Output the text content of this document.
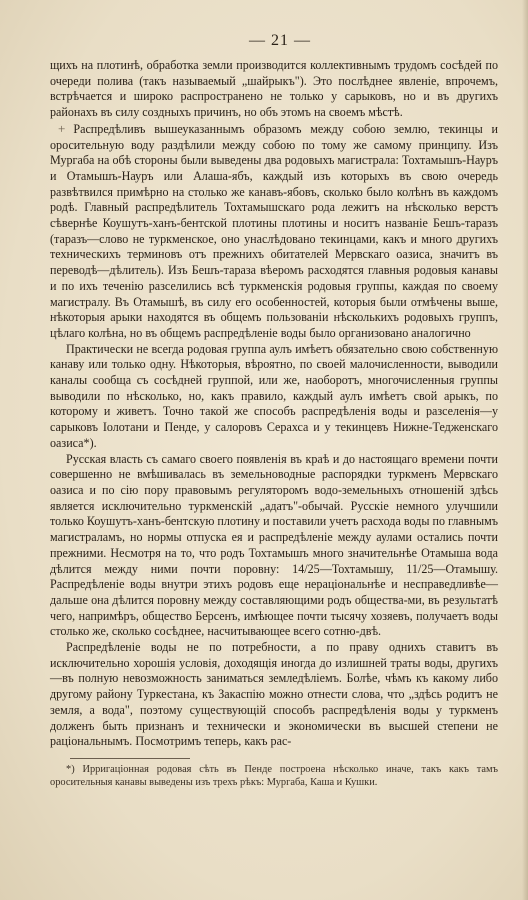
— 21 —

щихъ на плотинѣ, обработка земли производится коллективнымъ трудомъ сосѣдей по очереди полива (такъ называемый „шайрыкъ"). Это послѣднее явленіе, впрочемъ, встрѣчается и широко распространено не только у сарыковъ, но и въ другихъ районахъ въ силу создныхъ причинъ, но объ этомъ на своемъ мѣстѣ.

+ Распредѣливъ вышеуказаннымъ образомъ между собою землю, текинцы и оросительную воду раздѣлили между собою по тому же самому принципу. Изъ Мургаба на обѣ стороны были выведены два родовыхъ магистрала: Тохтамышъ-Науръ и Отамышъ-Науръ или Алаша-ябъ, каждый изъ которыхъ въ свою очередь развѣтвился примѣрно на столько же канавъ-ябовъ, сколько было колѣнъ въ каждомъ родѣ. Главный распредѣлитель Тохтамышскаго рода лежитъ на нѣсколько верстъ сѣвернѣе Коушутъ-ханъ-бентской плотины плотины и носитъ названіе Бешъ-таразъ (таразъ—слово не туркменское, оно унаслѣдовано текинцами, какъ и много другихъ техническихъ терминовъ отъ прежнихъ обитателей Мервскаго оазиса, значитъ въ переводѣ—дѣлитель). Изъ Бешъ-тараза вѣеромъ расходятся главныя родовыя канавы и по ихъ теченію разселились всѣ туркменскія родовыя группы, каждая по своему магистралу. Въ Отамышѣ, въ силу его особенностей, которыя были отмѣчены выше, нѣкоторыя арыки находятся въ общемъ пользованіи нѣсколькихъ родовыхъ группъ, цѣлаго колѣна, но въ общемъ распредѣленіе воды было организовано аналогично

Практически не всегда родовая группа аулъ имѣетъ обязательно свою собственную канаву или только одну. Нѣкоторыя, вѣроятно, по своей малочисленности, выводили каналы сообща съ сосѣдней группой, или же, наоборотъ, многочисленныя группы выводили по нѣсколько, но, какъ правило, каждый аулъ имѣетъ свой арыкъ, по которому и живетъ. Точно такой же способъ распредѣленія воды и разселенія—у сарыковъ Іолотани и Пенде, у салоровъ Серахса и у текинцевъ Нижне-Тедженскаго оазиса*).

Русская власть съ самаго своего появленія въ краѣ и до настоящаго времени почти совершенно не вмѣшивалась въ земельноводные распорядки туркменъ Мервскаго оазиса и по сію пору правовымъ регуляторомъ водо-земельныхъ отношеній здѣсь является исключительно туркменскій „адатъ"-обычай. Русскіе немного улучшили только Коушутъ-ханъ-бентскую плотину и поставили учетъ расхода воды по главнымъ магистраламъ, но нормы отпуска ея и распредѣленіе между аулами остались почти прежними. Несмотря на то, что родъ Тохтамышъ много значительнѣе Отамыша вода дѣлится между ними почти поровну: 14/25—Тохтамышу, 11/25—Отамышу. Распредѣленіе воды внутри этихъ родовъ еще нераціональнѣе и несправедливѣе—дальше она дѣлится поровну между составляющими родъ общества-ми, въ результатѣ чего, напримѣръ, общество Берсенъ, имѣющее почти тысячу хозяевъ, получаетъ воды столько же, сколько сосѣднее, насчитывающее всего сотню-двѣ.

Распредѣленіе воды не по потребности, а по праву однихъ ставитъ въ исключительно хорошія условія, доходящія иногда до излишней траты воды, другихъ—въ полную невозможность заниматься земледѣліемъ. Болѣе, чѣмъ къ какому либо другому району Туркестана, къ Закаспію можно отнести слова, что „здѣсь родитъ не земля, а вода", поэтому существующій способъ распредѣленія воды у туркменъ долженъ быть признанъ и технически и экономически въ высшей степени не раціональнымъ. Посмотримъ теперь, какъ рас-

*) Ирригаціонная родовая сѣть въ Пенде построена нѣсколько иначе, такъ какъ тамъ оросительныя канавы выведены изъ трехъ рѣкъ: Мургаба, Каша и Кушки.
